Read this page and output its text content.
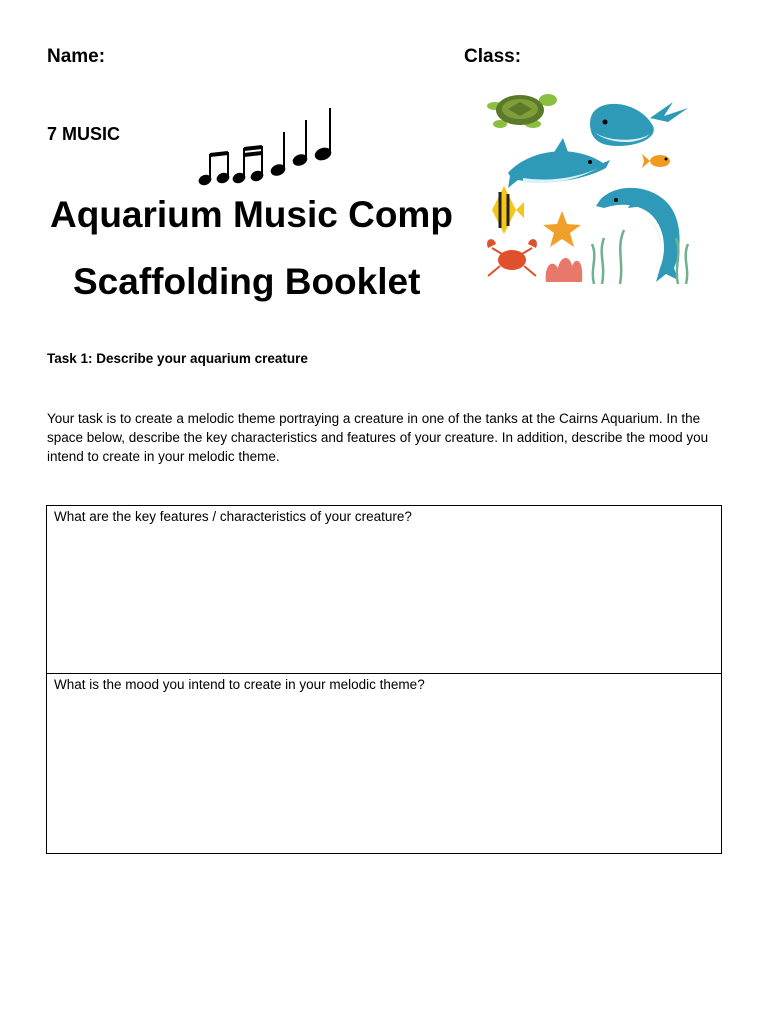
Name:	Class:
7 MUSIC
Aquarium Music Comp
Scaffolding Booklet
Task 1: Describe your aquarium creature
Your task is to create a melodic theme portraying a creature in one of the tanks at the Cairns Aquarium. In the space below, describe the key characteristics and features of your creature. In addition, describe the mood you intend to create in your melodic theme.
What are the key features / characteristics of your creature?
What is the mood you intend to create in your melodic theme?
